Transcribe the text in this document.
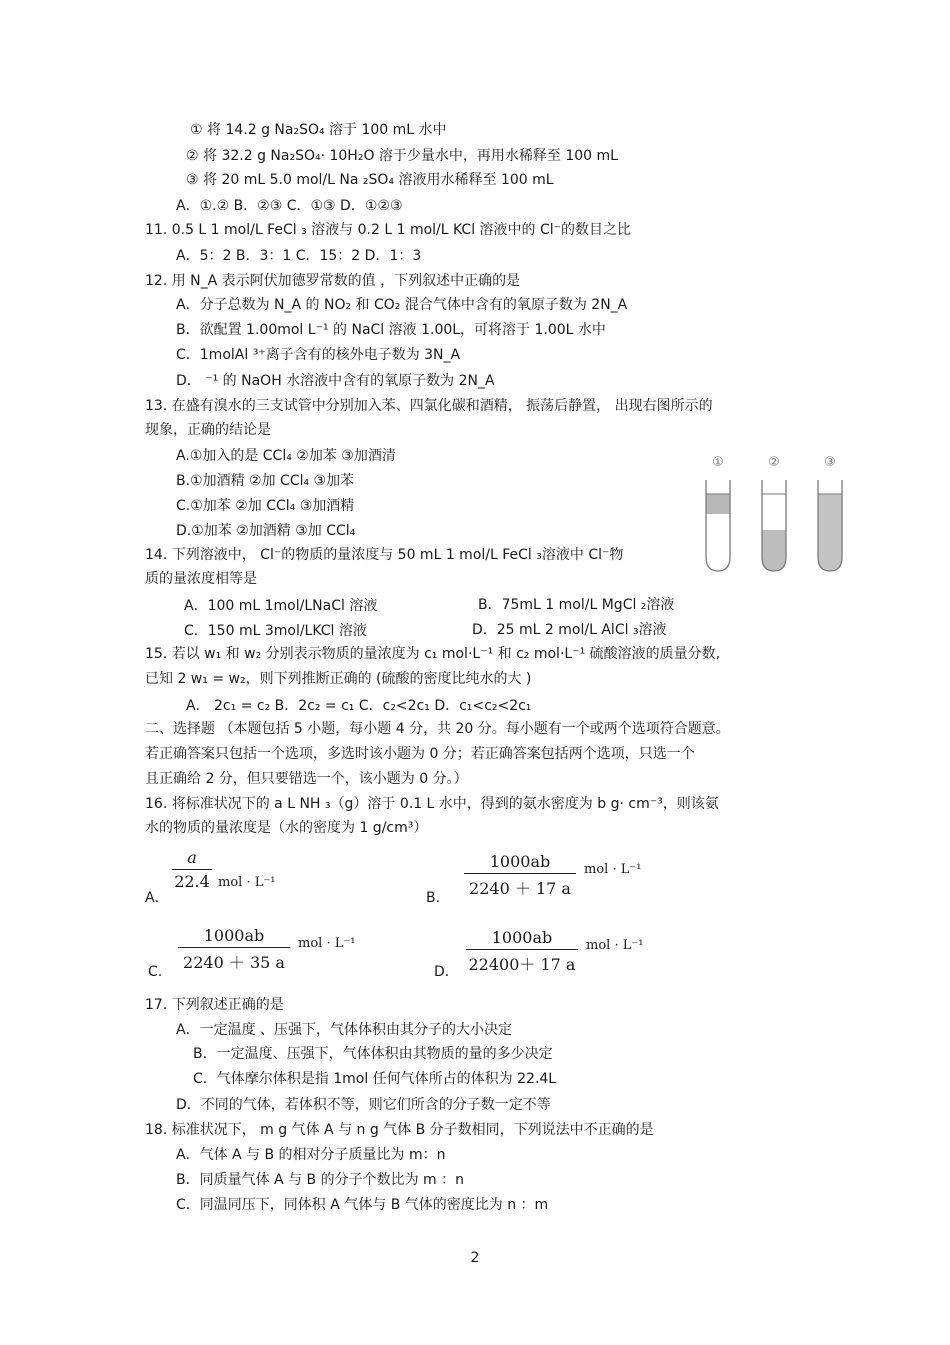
① 将 14.2 g Na₂SO₄ 溶于 100 mL 水中
② 将 32.2 g Na₂SO₄· 10H₂O 溶于少量水中，再用水稀释至 100 mL
③ 将 20 mL 5.0 mol/L Na ₂SO₄ 溶液用水稀释至 100 mL
A．①.② B．②③ C．①③ D．①②③
11. 0.5 L 1 mol/L FeCl ₃ 溶液与 0.2 L 1 mol/L KCl 溶液中的 Cl⁻的数目之比
A．5：2 B．3：1 C．15：2 D．1：3
12. 用 N_A 表示阿伏加德罗常数的值 ，下列叙述中正确的是
A．分子总数为 N_A 的 NO₂ 和 CO₂ 混合气体中含有的氧原子数为 2N_A
B．欲配置 1.00mol L⁻¹ 的 NaCl 溶液 1.00L，可将溶于 1.00L 水中
C．1molAl ³⁺离子含有的核外电子数为 3N_A
D． ⁻¹ 的 NaOH 水溶液中含有的氧原子数为 2N_A
13. 在盛有溴水的三支试管中分别加入苯、四氯化碳和酒精， 振荡后静置， 出现右图所示的
现象，正确的结论是
A.①加入的是 CCl₄ ②加苯 ③加酒清
B.①加酒精 ②加 CCl₄ ③加苯
C.①加苯 ②加 CCl₄ ③加酒精
D.①加苯 ②加酒精 ③加 CCl₄
14. 下列溶液中， Cl⁻的物质的量浓度与 50 mL 1 mol/L FeCl ₃溶液中 Cl⁻物
质的量浓度相等是
A．100 mL 1mol/LNaCl 溶液	B．75mL 1 mol/L MgCl ₂溶液
C．150 mL 3mol/LKCl 溶液	D．25 mL 2 mol/L AlCl ₃溶液
15. 若以 w₁ 和 w₂ 分别表示物质的量浓度为 c₁ mol·L⁻¹ 和 c₂ mol·L⁻¹ 硫酸溶液的质量分数,
已知 2 w₁ = w₂，则下列推断正确的 (硫酸的密度比纯水的大 )
A． 2c₁ = c₂ B．2c₂ = c₁ C．c₂<2c₁ D．c₁<c₂<2c₁
二、选择题 （本题包括 5 小题，每小题 4 分，共 20 分。每小题有一个或两个选项符合题意。
若正确答案只包括一个选项，多选时该小题为 0 分；若正确答案包括两个选项，只选一个
且正确给 2 分，但只要错选一个，该小题为 0 分。）
16. 将标准状况下的 a L NH ₃（g）溶于 0.1 L 水中，得到的氨水密度为 b g· cm⁻³，则该氨
水的物质的量浓度是（水的密度为 1 g/cm³）
A．
a
22.4 mol · L⁻¹
B.
1000ab
2240 ＋ 17 a
mol · L⁻¹
C.
1000ab
2240 ＋ 35 a
mol · L⁻¹
D．
1000ab
22400＋ 17 a
mol · L⁻¹
17. 下列叙述正确的是
A．一定温度 、压强下，气体体积由其分子的大小决定
B．一定温度、压强下，气体体积由其物质的量的多少决定
C．气体摩尔体积是指 1mol 任何气体所占的体积为 22.4L
D．不同的气体，若体积不等，则它们所含的分子数一定不等
18. 标准状况下， m g 气体 A 与 n g 气体 B 分子数相同，下列说法中不正确的是
A．气体 A 与 B 的相对分子质量比为 m：n
B．同质量气体 A 与 B 的分子个数比为 m ：n
C．同温同压下，同体积 A 气体与 B 气体的密度比为 n ：m
①	②	③
2
